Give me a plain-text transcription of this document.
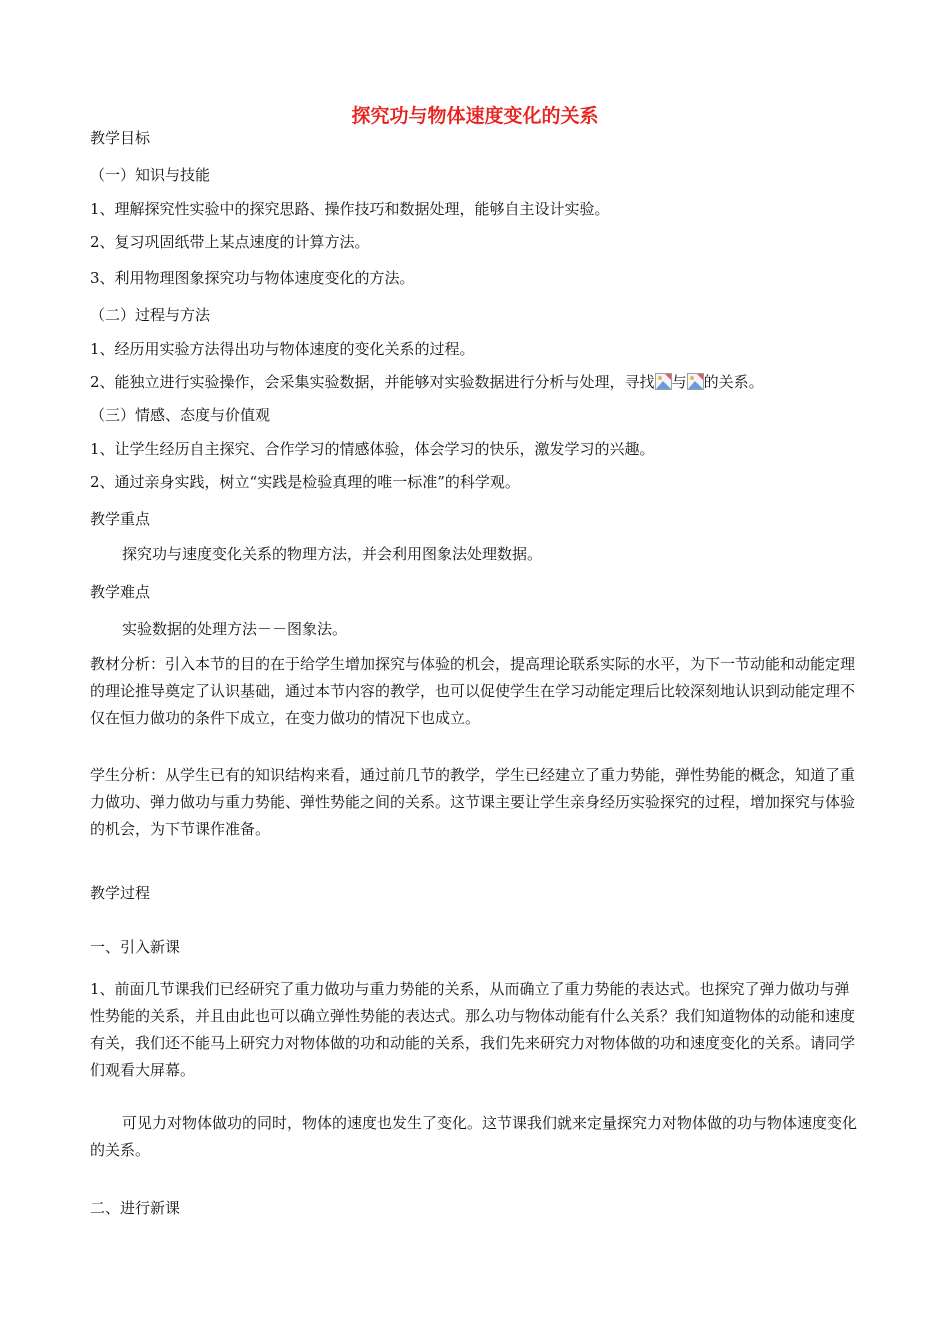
探究功与物体速度变化的关系
教学目标
（一）知识与技能
1、理解探究性实验中的探究思路、操作技巧和数据处理，能够自主设计实验。
2、复习巩固纸带上某点速度的计算方法。
3、利用物理图象探究功与物体速度变化的方法。
（二）过程与方法
1、经历用实验方法得出功与物体速度的变化关系的过程。
2、能独立进行实验操作，会采集实验数据，并能够对实验数据进行分析与处理，寻找 与 的关系。
（三）情感、态度与价值观
1、让学生经历自主探究、合作学习的情感体验，体会学习的快乐，激发学习的兴趣。
2、通过亲身实践，树立“实践是检验真理的唯一标准”的科学观。
教学重点
探究功与速度变化关系的物理方法，并会利用图象法处理数据。
教学难点
实验数据的处理方法－－图象法。
教材分析：引入本节的目的在于给学生增加探究与体验的机会，提高理论联系实际的水平，为下一节动能和动能定理的理论推导奠定了认识基础，通过本节内容的教学，也可以促使学生在学习动能定理后比较深刻地认识到动能定理不仅在恒力做功的条件下成立，在变力做功的情况下也成立。
学生分析：从学生已有的知识结构来看，通过前几节的教学，学生已经建立了重力势能，弹性势能的概念，知道了重力做功、弹力做功与重力势能、弹性势能之间的关系。这节课主要让学生亲身经历实验探究的过程，增加探究与体验的机会，为下节课作准备。
教学过程
一、引入新课
1、前面几节课我们已经研究了重力做功与重力势能的关系，从而确立了重力势能的表达式。也探究了弹力做功与弹性势能的关系，并且由此也可以确立弹性势能的表达式。那么功与物体动能有什么关系？我们知道物体的动能和速度有关，我们还不能马上研究力对物体做的功和动能的关系，我们先来研究力对物体做的功和速度变化的关系。请同学们观看大屏幕。
可见力对物体做功的同时，物体的速度也发生了变化。这节课我们就来定量探究力对物体做的功与物体速度变化的关系。
二、进行新课
